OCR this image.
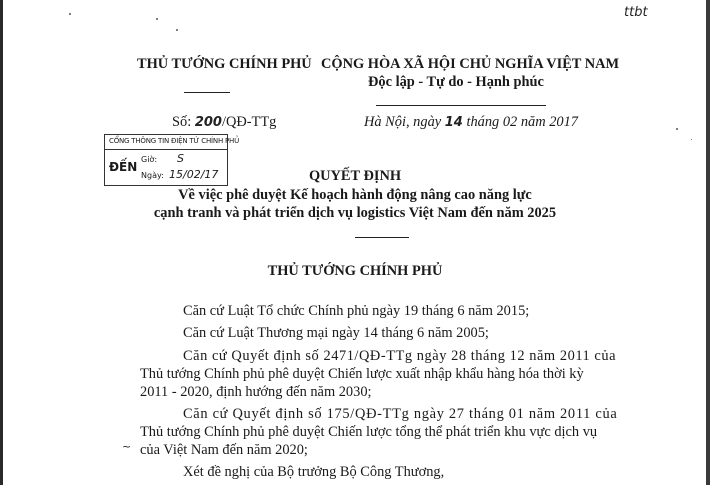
ttbt
THỦ TƯỚNG CHÍNH PHỦ CỘNG HÒA XÃ HỘI CHỦ NGHĨA VIỆT NAM
Độc lập - Tự do - Hạnh phúc
Số: 200/QĐ-TTg	Hà Nội, ngày 14 tháng 02 năm 2017
CỔNG THÔNG TIN ĐIỆN TỬ CHÍNH PHỦ
ĐẾN
Giờ: S
Ngày: 15/02/17	QUYẾT ĐỊNH
Về việc phê duyệt Kế hoạch hành động nâng cao năng lực
cạnh tranh và phát triển dịch vụ logistics Việt Nam đến năm 2025
THỦ TƯỚNG CHÍNH PHỦ
Căn cứ Luật Tổ chức Chính phủ ngày 19 tháng 6 năm 2015;
Căn cứ Luật Thương mại ngày 14 tháng 6 năm 2005;
Căn cứ Quyết định số 2471/QĐ-TTg ngày 28 tháng 12 năm 2011 của
Thủ tướng Chính phủ phê duyệt Chiến lược xuất nhập khẩu hàng hóa thời kỳ
2011 - 2020, định hướng đến năm 2030;
Căn cứ Quyết định số 175/QĐ-TTg ngày 27 tháng 01 năm 2011 của
Thủ tướng Chính phủ phê duyệt Chiến lược tổng thể phát triển khu vực dịch vụ
~ của Việt Nam đến năm 2020;
Xét đề nghị của Bộ trưởng Bộ Công Thương,
